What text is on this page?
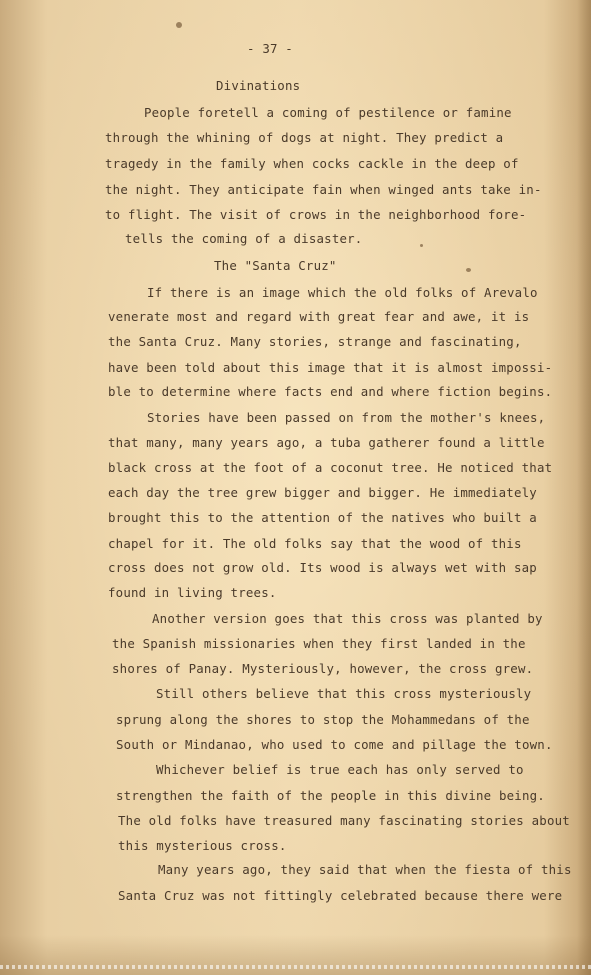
- 37 -
Divinations
People foretell a coming of pestilence or famine
through the whining of dogs at night. They predict a
tragedy in the family when cocks cackle in the deep of
the night. They anticipate fain when winged ants take in-
to flight. The visit of crows in the neighborhood fore-
tells the coming of a disaster.
The "Santa Cruz"
If there is an image which the old folks of Arevalo
venerate most and regard with great fear and awe, it is
the Santa Cruz. Many stories, strange and fascinating,
have been told about this image that it is almost impossi-
ble to determine where facts end and where fiction begins.
Stories have been passed on from the mother's knees,
that many, many years ago, a tuba gatherer found a little
black cross at the foot of a coconut tree. He noticed that
each day the tree grew bigger and bigger. He immediately
brought this to the attention of the natives who built a
chapel for it. The old folks say that the wood of this
cross does not grow old. Its wood is always wet with sap
found in living trees.
Another version goes that this cross was planted by
the Spanish missionaries when they first landed in the
shores of Panay. Mysteriously, however, the cross grew.
Still others believe that this cross mysteriously
sprung along the shores to stop the Mohammedans of the
South or Mindanao, who used to come and pillage the town.
Whichever belief is true each has only served to
strengthen the faith of the people in this divine being.
The old folks have treasured many fascinating stories about
this mysterious cross.
Many years ago, they said that when the fiesta of this
Santa Cruz was not fittingly celebrated because there were
